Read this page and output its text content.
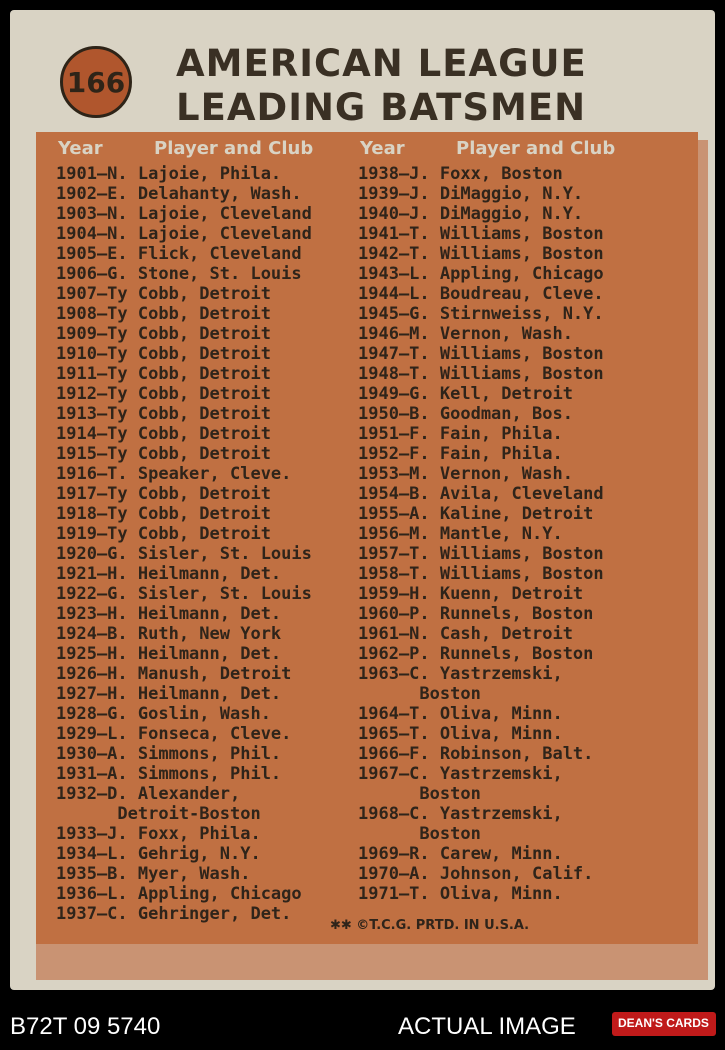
166 AMERICAN LEAGUE
LEADING BATSMEN
Year	Player and Club	Year	Player and Club
1901—N. Lajoie, Phila.
1902—E. Delahanty, Wash.
1903—N. Lajoie, Cleveland
1904—N. Lajoie, Cleveland
1905—E. Flick, Cleveland
1906—G. Stone, St. Louis
1907—Ty Cobb, Detroit
1908—Ty Cobb, Detroit
1909—Ty Cobb, Detroit
1910—Ty Cobb, Detroit
1911—Ty Cobb, Detroit
1912—Ty Cobb, Detroit
1913—Ty Cobb, Detroit
1914—Ty Cobb, Detroit
1915—Ty Cobb, Detroit
1916—T. Speaker, Cleve.
1917—Ty Cobb, Detroit
1918—Ty Cobb, Detroit
1919—Ty Cobb, Detroit
1920—G. Sisler, St. Louis
1921—H. Heilmann, Det.
1922—G. Sisler, St. Louis
1923—H. Heilmann, Det.
1924—B. Ruth, New York
1925—H. Heilmann, Det.
1926—H. Manush, Detroit
1927—H. Heilmann, Det.
1928—G. Goslin, Wash.
1929—L. Fonseca, Cleve.
1930—A. Simmons, Phil.
1931—A. Simmons, Phil.
1932—D. Alexander,
Detroit-Boston
1933—J. Foxx, Phila.
1934—L. Gehrig, N.Y.
1935—B. Myer, Wash.
1936—L. Appling, Chicago
1937—C. Gehringer, Det.
1938—J. Foxx, Boston
1939—J. DiMaggio, N.Y.
1940—J. DiMaggio, N.Y.
1941—T. Williams, Boston
1942—T. Williams, Boston
1943—L. Appling, Chicago
1944—L. Boudreau, Cleve.
1945—G. Stirnweiss, N.Y.
1946—M. Vernon, Wash.
1947—T. Williams, Boston
1948—T. Williams, Boston
1949—G. Kell, Detroit
1950—B. Goodman, Bos.
1951—F. Fain, Phila.
1952—F. Fain, Phila.
1953—M. Vernon, Wash.
1954—B. Avila, Cleveland
1955—A. Kaline, Detroit
1956—M. Mantle, N.Y.
1957—T. Williams, Boston
1958—T. Williams, Boston
1959—H. Kuenn, Detroit
1960—P. Runnels, Boston
1961—N. Cash, Detroit
1962—P. Runnels, Boston
1963—C. Yastrzemski,
Boston
1964—T. Oliva, Minn.
1965—T. Oliva, Minn.
1966—F. Robinson, Balt.
1967—C. Yastrzemski,
Boston
1968—C. Yastrzemski,
Boston
1969—R. Carew, Minn.
1970—A. Johnson, Calif.
1971—T. Oliva, Minn.
✱✱ ©T.C.G. PRTD. IN U.S.A.
B72T 09 5740	ACTUAL IMAGE	DEAN'S CARDS
